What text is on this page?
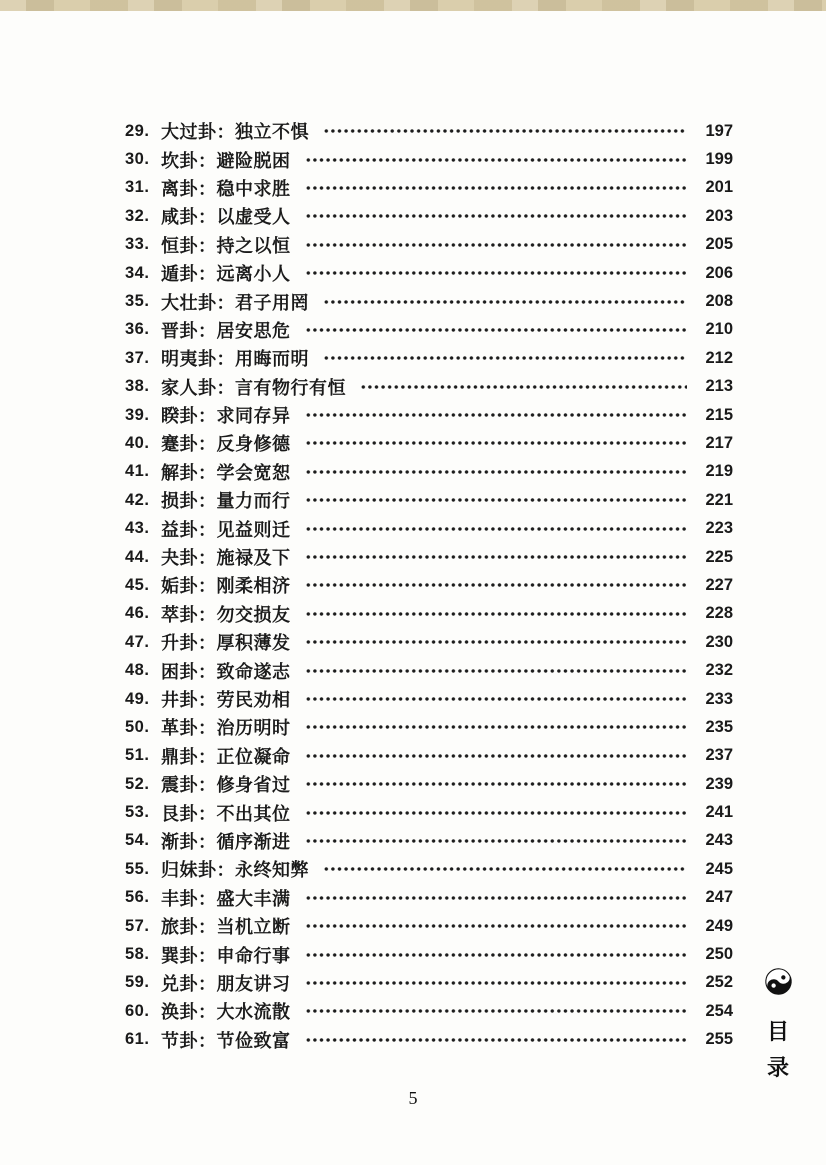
29. 大过卦：独立不惧	197
30. 坎卦：避险脱困	199
31. 离卦：稳中求胜	201
32. 咸卦：以虚受人	203
33. 恒卦：持之以恒	205
34. 遁卦：远离小人	206
35. 大壮卦：君子用罔	208
36. 晋卦：居安思危	210
37. 明夷卦：用晦而明	212
38. 家人卦：言有物行有恒	213
39. 睽卦：求同存异	215
40. 蹇卦：反身修德	217
41. 解卦：学会宽恕	219
42. 损卦：量力而行	221
43. 益卦：见益则迁	223
44. 夬卦：施禄及下	225
45. 姤卦：刚柔相济	227
46. 萃卦：勿交损友	228
47. 升卦：厚积薄发	230
48. 困卦：致命遂志	232
49. 井卦：劳民劝相	233
50. 革卦：治历明时	235
51. 鼎卦：正位凝命	237
52. 震卦：修身省过	239
53. 艮卦：不出其位	241
54. 渐卦：循序渐进	243
55. 归妹卦：永终知弊	245
56. 丰卦：盛大丰满	247
57. 旅卦：当机立断	249
58. 巽卦：申命行事	250
59. 兑卦：朋友讲习	252
60. 涣卦：大水流散	254
61. 节卦：节俭致富	255 目
录
5
